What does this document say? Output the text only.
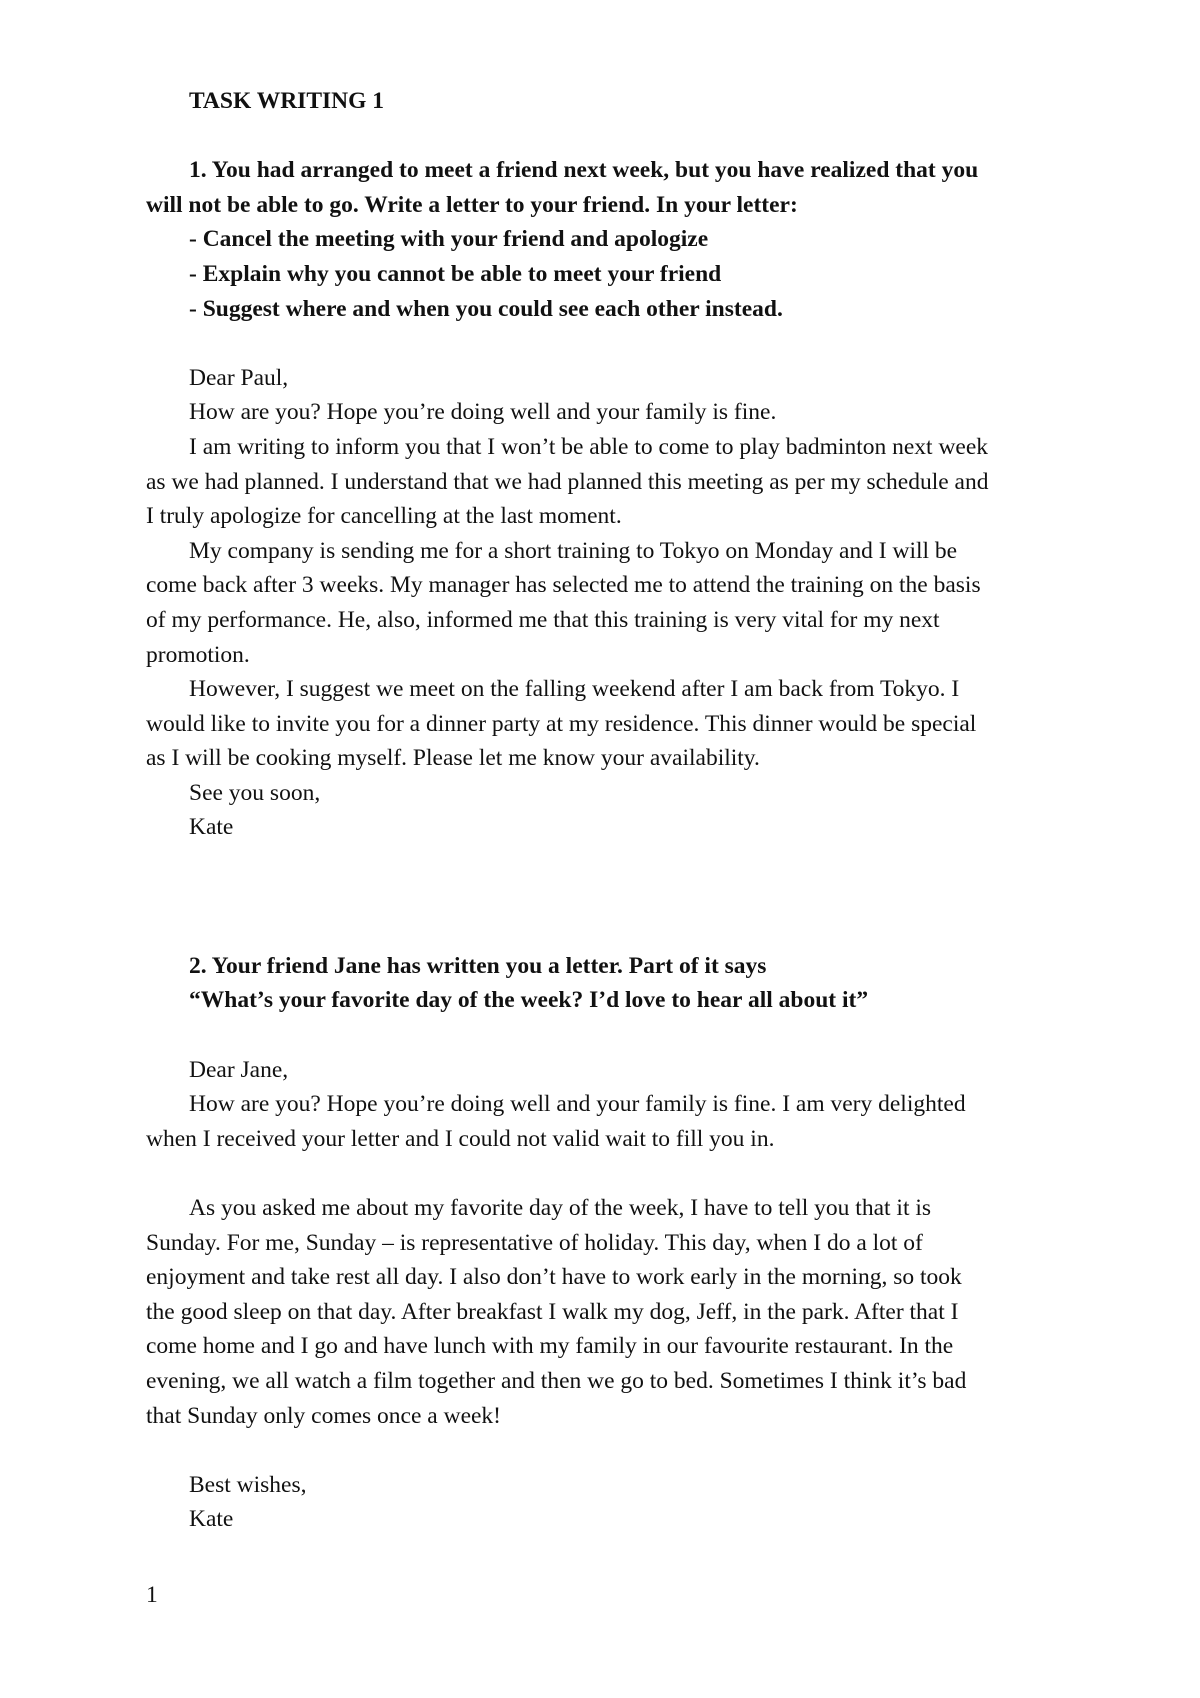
TASK WRITING 1
1. You had arranged to meet a friend next week, but you have realized that you
will not be able to go. Write a letter to your friend. In your letter:
- Cancel the meeting with your friend and apologize
- Explain why you cannot be able to meet your friend
- Suggest where and when you could see each other instead.
Dear Paul,
How are you? Hope you’re doing well and your family is fine.
I am writing to inform you that I won’t be able to come to play badminton next week
as we had planned. I understand that we had planned this meeting as per my schedule and
I truly apologize for cancelling at the last moment.
My company is sending me for a short training to Tokyo on Monday and I will be
come back after 3 weeks. My manager has selected me to attend the training on the basis
of my performance. He, also, informed me that this training is very vital for my next
promotion.
However, I suggest we meet on the falling weekend after I am back from Tokyo. I
would like to invite you for a dinner party at my residence. This dinner would be special
as I will be cooking myself. Please let me know your availability.
See you soon,
Kate
2. Your friend Jane has written you a letter. Part of it says
“What’s your favorite day of the week? I’d love to hear all about it”
Dear Jane,
How are you? Hope you’re doing well and your family is fine. I am very delighted
when I received your letter and I could not valid wait to fill you in.
As you asked me about my favorite day of the week, I have to tell you that it is
Sunday. For me, Sunday – is representative of holiday. This day, when I do a lot of
enjoyment and take rest all day. I also don’t have to work early in the morning, so took
the good sleep on that day. After breakfast I walk my dog, Jeff, in the park. After that I
come home and I go and have lunch with my family in our favourite restaurant. In the
evening, we all watch a film together and then we go to bed. Sometimes I think it’s bad
that Sunday only comes once a week!
Best wishes,
Kate
1
